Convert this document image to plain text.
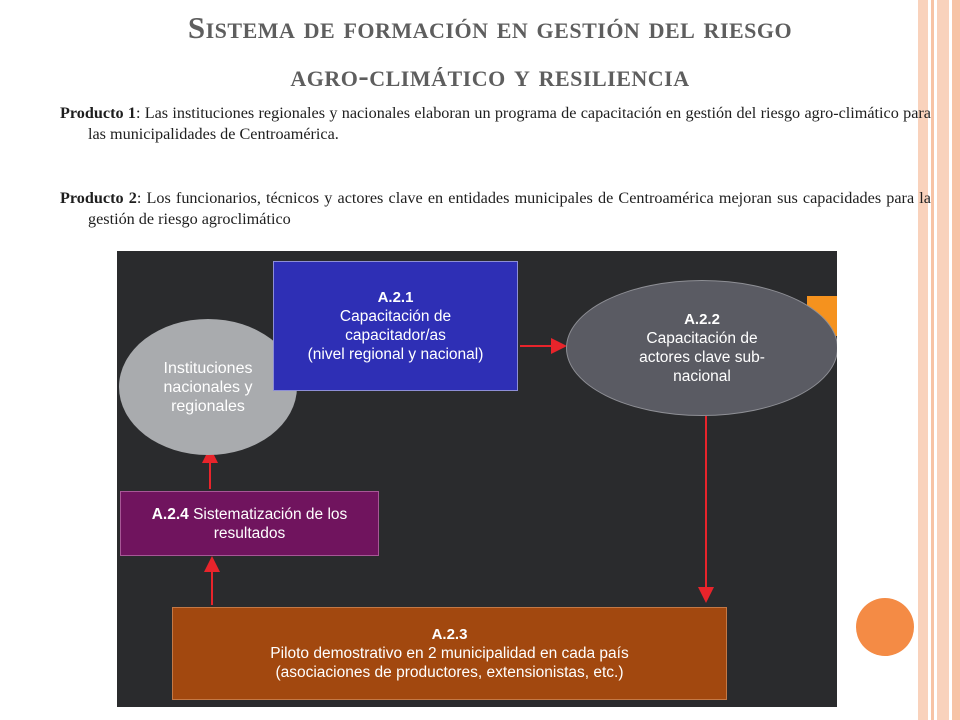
Sistema de formación en gestión del riesgo
agro-climático y resiliencia
Producto 1: Las instituciones regionales y nacionales elaboran un programa de capacitación en gestión del riesgo agro-climático para las municipalidades de Centroamérica.
Producto 2: Los funcionarios, técnicos y actores clave en entidades municipales de Centroamérica mejoran sus capacidades para la gestión de riesgo agroclimático
Instituciones nacionales y regionales
A.2.1
Capacitación de
capacitador/as
(nivel regional y nacional)
A.2.2
Capacitación de
actores clave sub-
nacional
A.2.4 Sistematización de los
resultados
A.2.3
Piloto demostrativo en 2 municipalidad en cada país
(asociaciones de productores, extensionistas, etc.)
